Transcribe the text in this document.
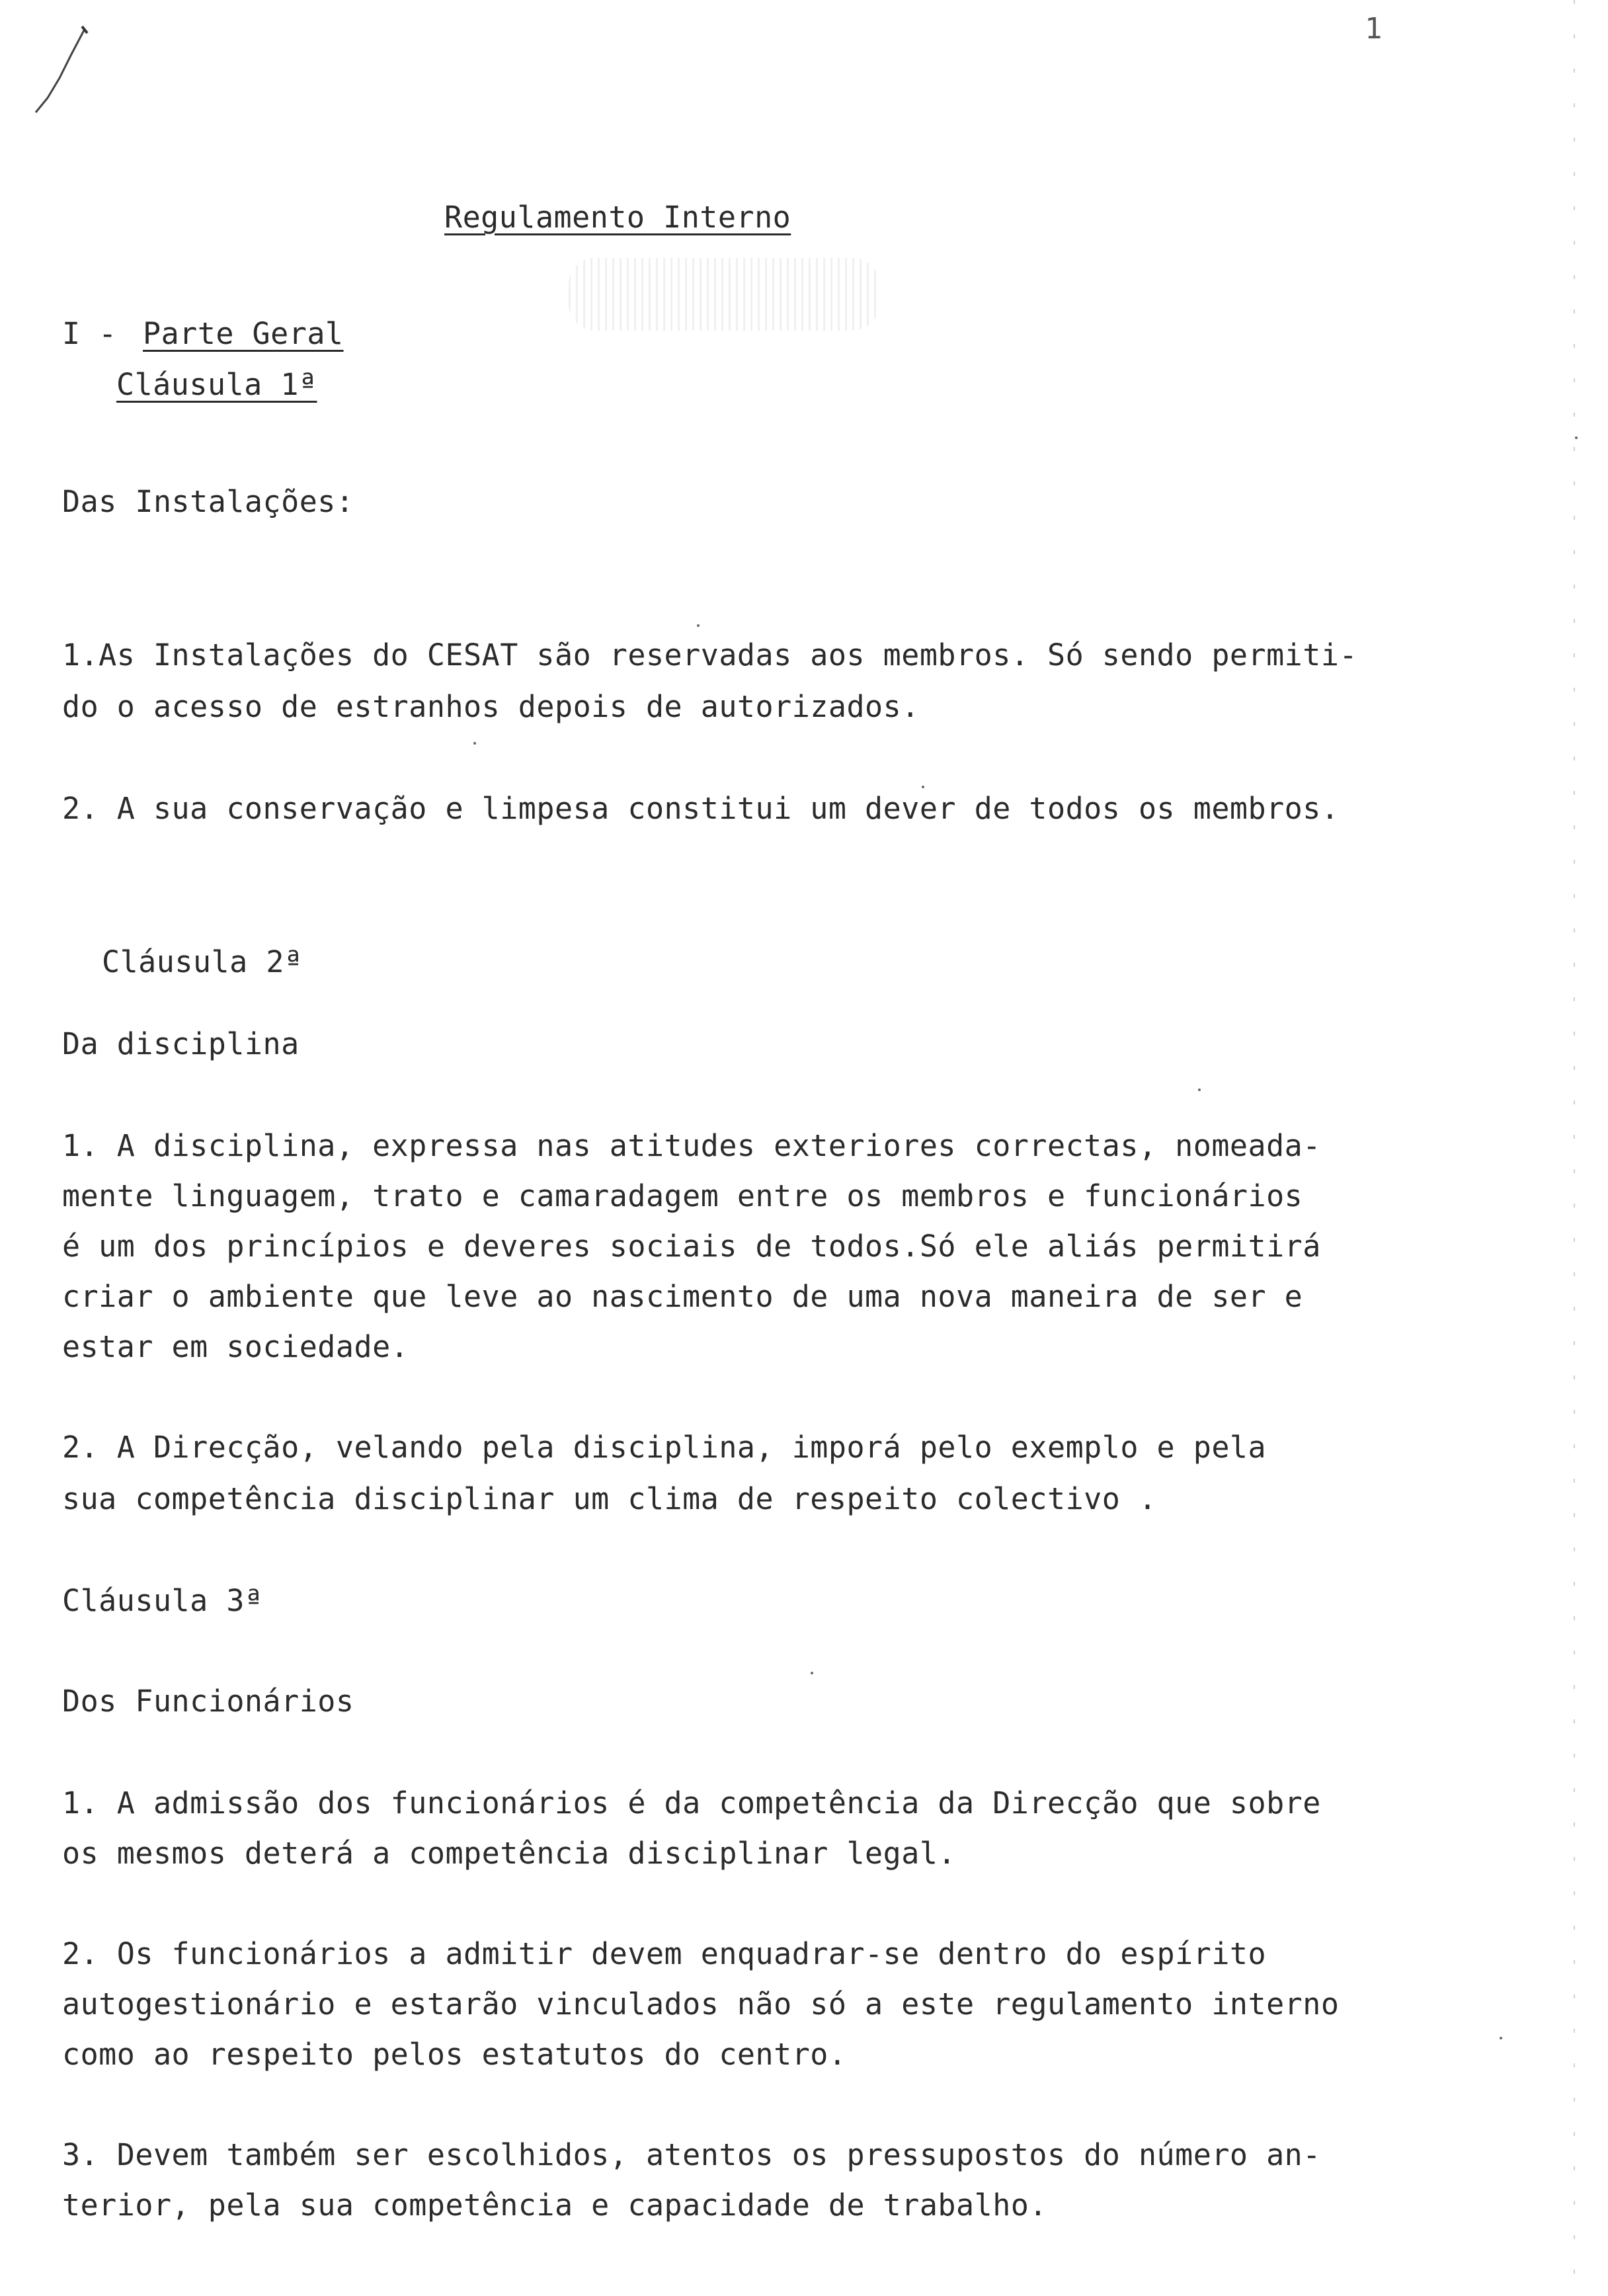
1

Regulamento Interno

I - Parte Geral

Cláusula 1ª

Das Instalações:

1.As Instalações do CESAT são reservadas aos membros. Só sendo permiti-

do o acesso de estranhos depois de autorizados.

2. A sua conservação e limpesa constitui um dever de todos os membros.

Cláusula 2ª

Da disciplina

1. A disciplina, expressa nas atitudes exteriores correctas, nomeada-

mente linguagem, trato e camaradagem entre os membros e funcionários

é um dos princípios e deveres sociais de todos.Só ele aliás permitirá

criar o ambiente que leve ao nascimento de uma nova maneira de ser e

estar em sociedade.

2. A Direcção, velando pela disciplina, imporá pelo exemplo e pela

sua competência disciplinar um clima de respeito colectivo .

Cláusula 3ª

Dos Funcionários

1. A admissão dos funcionários é da competência da Direcção que sobre

os mesmos deterá a competência disciplinar legal.

2. Os funcionários a admitir devem enquadrar-se dentro do espírito

autogestionário e estarão vinculados não só a este regulamento interno

como ao respeito pelos estatutos do centro.

3. Devem também ser escolhidos, atentos os pressupostos do número an-

terior, pela sua competência e capacidade de trabalho.
